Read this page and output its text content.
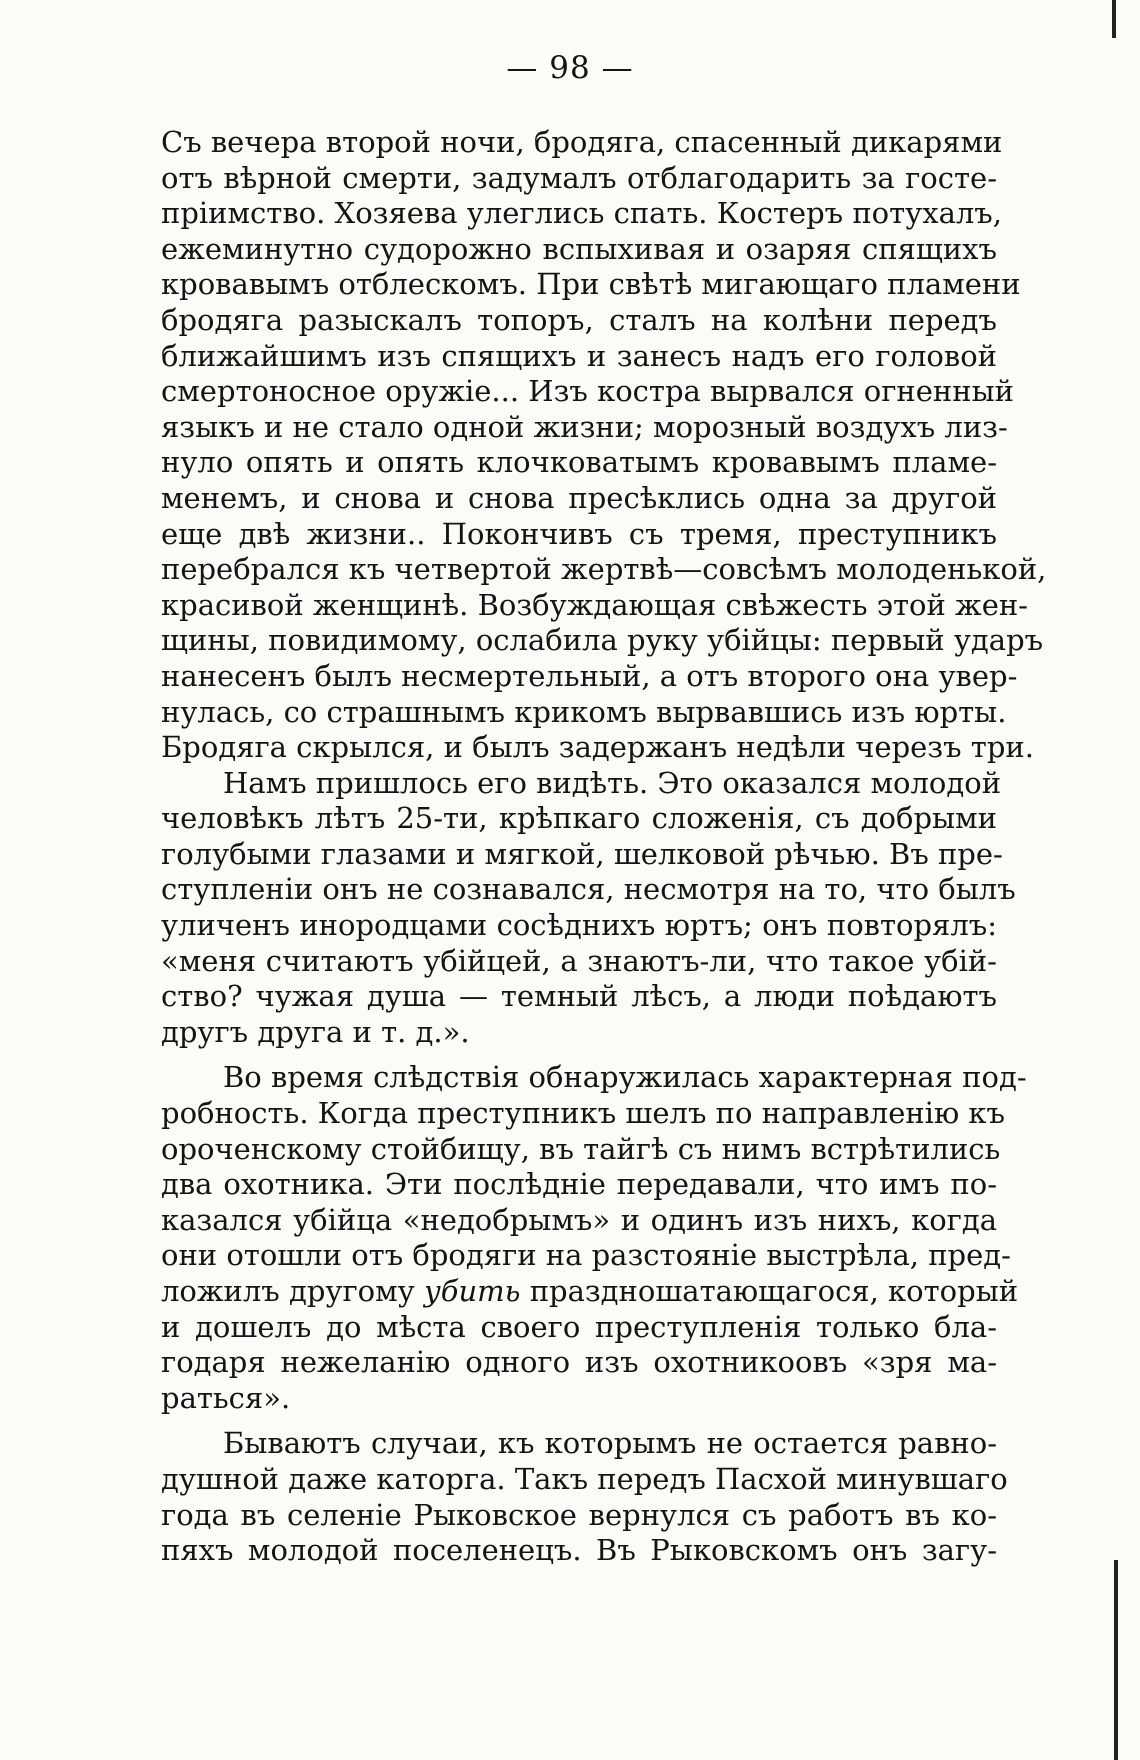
— 98 —
Съ вечера второй ночи, бродяга, спасенный дикарями
отъ вѣрной смерти, задумалъ отблагодарить за госте-
пріимство. Хозяева улеглись спать. Костеръ потухалъ,
ежеминутно судорожно вспыхивая и озаряя спящихъ
кровавымъ отблескомъ. При свѣтѣ мигающаго пламени
бродяга разыскалъ топоръ, сталъ на колѣни передъ
ближайшимъ изъ спящихъ и занесъ надъ его головой
смертоносное оружіе... Изъ костра вырвался огненный
языкъ и не стало одной жизни; морозный воздухъ лиз-
нуло опять и опять клочковатымъ кровавымъ пламе-
менемъ, и снова и снова пресѣклись одна за другой
еще двѣ жизни.. Покончивъ съ тремя, преступникъ
перебрался къ четвертой жертвѣ—совсѣмъ молоденькой,
красивой женщинѣ. Возбуждающая свѣжесть этой жен-
щины, повидимому, ослабила руку убійцы: первый ударъ
нанесенъ былъ несмертельный, а отъ второго она увер-
нулась, со страшнымъ крикомъ вырвавшись изъ юрты.
Бродяга скрылся, и былъ задержанъ недѣли черезъ три.
Намъ пришлось его видѣть. Это оказался молодой
человѣкъ лѣтъ 25-ти, крѣпкаго сложенія, съ добрыми
голубыми глазами и мягкой, шелковой рѣчью. Въ пре-
ступленіи онъ не сознавался, несмотря на то, что былъ
уличенъ инородцами сосѣднихъ юртъ; онъ повторялъ:
«меня считаютъ убійцей, а знаютъ-ли, что такое убій-
ство? чужая душа — темный лѣсъ, а люди поѣдаютъ
другъ друга и т. д.».
Во время слѣдствія обнаружилась характерная под-
робность. Когда преступникъ шелъ по направленію къ
ороченскому стойбищу, въ тайгѣ съ нимъ встрѣтились
два охотника. Эти послѣдніе передавали, что имъ по-
казался убійца «недобрымъ» и одинъ изъ нихъ, когда
они отошли отъ бродяги на разстояніе выстрѣла, пред-
ложилъ другому убить праздношатающагося, который
и дошелъ до мѣста своего преступленія только бла-
годаря нежеланію одного изъ охотникоовъ «зря ма-
раться».
Бываютъ случаи, къ которымъ не остается равно-
душной даже каторга. Такъ передъ Пасхой минувшаго
года въ селеніе Рыковское вернулся съ работъ въ ко-
пяхъ молодой поселенецъ. Въ Рыковскомъ онъ загу-
